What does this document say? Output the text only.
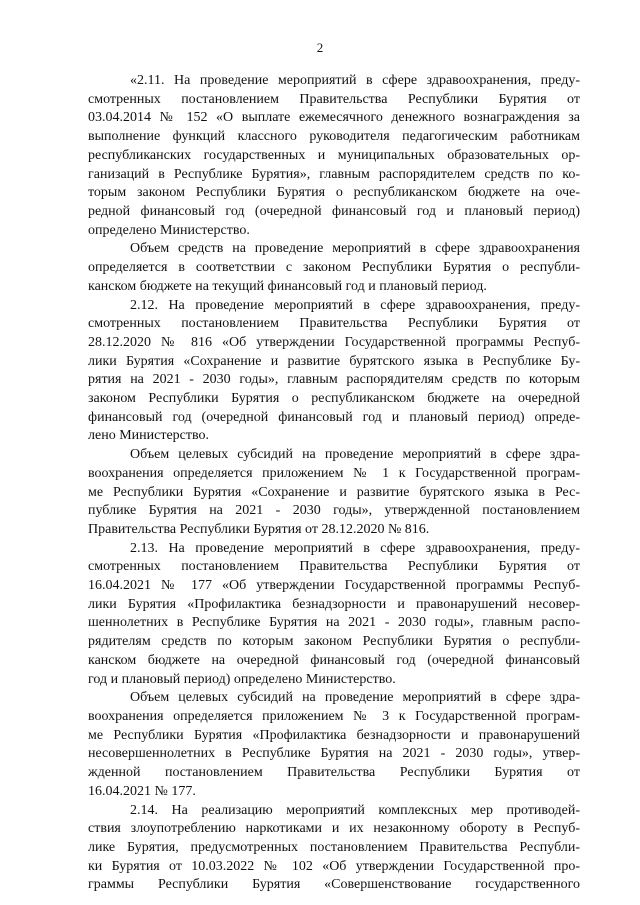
2
«2.11. На проведение мероприятий в сфере здравоохранения, преду-
смотренных постановлением Правительства Республики Бурятия от
03.04.2014 № 152 «О выплате ежемесячного денежного вознаграждения за
выполнение функций классного руководителя педагогическим работникам
республиканских государственных и муниципальных образовательных ор-
ганизаций в Республике Бурятия», главным распорядителем средств по ко-
торым законом Республики Бурятия о республиканском бюджете на оче-
редной финансовый год (очередной финансовый год и плановый период)
определено Министерство.
Объем средств на проведение мероприятий в сфере здравоохранения
определяется в соответствии с законом Республики Бурятия о республи-
канском бюджете на текущий финансовый год и плановый период.
2.12. На проведение мероприятий в сфере здравоохранения, преду-
смотренных постановлением Правительства Республики Бурятия от
28.12.2020 № 816 «Об утверждении Государственной программы Респуб-
лики Бурятия «Сохранение и развитие бурятского языка в Республике Бу-
рятия на 2021 - 2030 годы», главным распорядителям средств по которым
законом Республики Бурятия о республиканском бюджете на очередной
финансовый год (очередной финансовый год и плановый период) опреде-
лено Министерство.
Объем целевых субсидий на проведение мероприятий в сфере здра-
воохранения определяется приложением № 1 к Государственной програм-
ме Республики Бурятия «Сохранение и развитие бурятского языка в Рес-
публике Бурятия на 2021 - 2030 годы», утвержденной постановлением
Правительства Республики Бурятия от 28.12.2020 № 816.
2.13. На проведение мероприятий в сфере здравоохранения, преду-
смотренных постановлением Правительства Республики Бурятия от
16.04.2021 № 177 «Об утверждении Государственной программы Респуб-
лики Бурятия «Профилактика безнадзорности и правонарушений несовер-
шеннолетних в Республике Бурятия на 2021 - 2030 годы», главным распо-
рядителям средств по которым законом Республики Бурятия о республи-
канском бюджете на очередной финансовый год (очередной финансовый
год и плановый период) определено Министерство.
Объем целевых субсидий на проведение мероприятий в сфере здра-
воохранения определяется приложением № 3 к Государственной програм-
ме Республики Бурятия «Профилактика безнадзорности и правонарушений
несовершеннолетних в Республике Бурятия на 2021 - 2030 годы», утвер-
жденной постановлением Правительства Республики Бурятия от
16.04.2021 № 177.
2.14. На реализацию мероприятий комплексных мер противодей-
ствия злоупотреблению наркотиками и их незаконному обороту в Респуб-
лике Бурятия, предусмотренных постановлением Правительства Республи-
ки Бурятия от 10.03.2022 № 102 «Об утверждении Государственной про-
граммы Республики Бурятия «Совершенствование государственного
